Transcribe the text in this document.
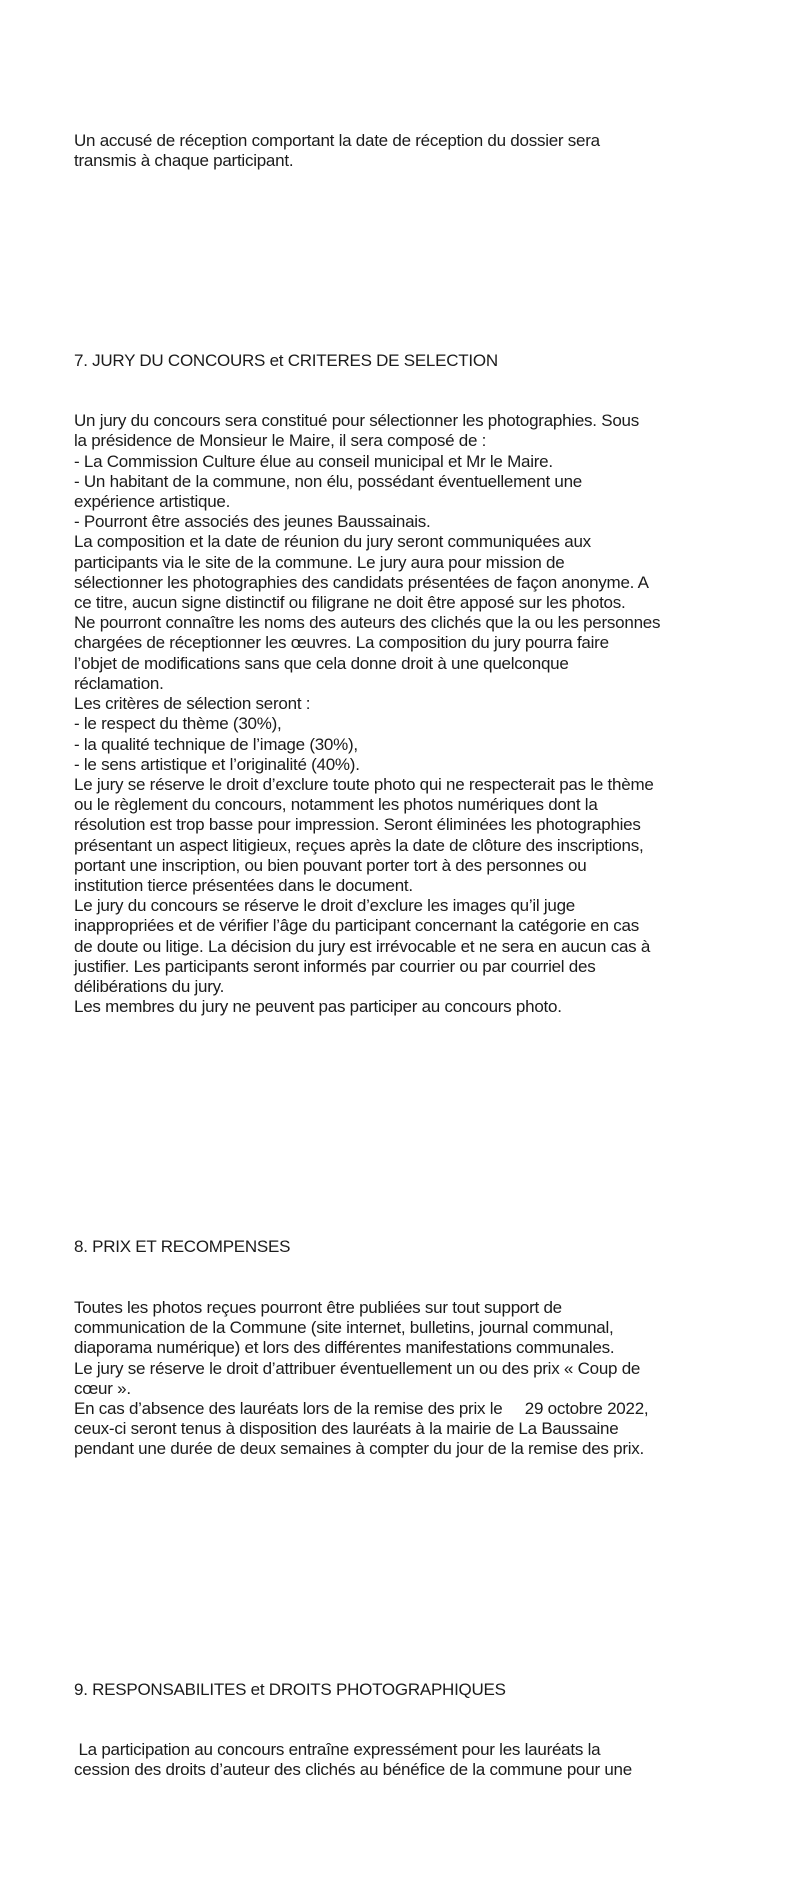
Un accusé de réception comportant la date de réception du dossier sera
transmis à chaque participant.

7. JURY DU CONCOURS et CRITERES DE SELECTION

Un jury du concours sera constitué pour sélectionner les photographies. Sous
la présidence de Monsieur le Maire, il sera composé de :
- La Commission Culture élue au conseil municipal et Mr le Maire.
- Un habitant de la commune, non élu, possédant éventuellement une
expérience artistique.
- Pourront être associés des jeunes Baussainais.
La composition et la date de réunion du jury seront communiquées aux
participants via le site de la commune. Le jury aura pour mission de
sélectionner les photographies des candidats présentées de façon anonyme. A
ce titre, aucun signe distinctif ou filigrane ne doit être apposé sur les photos.
Ne pourront connaître les noms des auteurs des clichés que la ou les personnes
chargées de réceptionner les œuvres. La composition du jury pourra faire
l’objet de modifications sans que cela donne droit à une quelconque
réclamation.
Les critères de sélection seront :
- le respect du thème (30%),
- la qualité technique de l’image (30%),
- le sens artistique et l’originalité (40%).
Le jury se réserve le droit d’exclure toute photo qui ne respecterait pas le thème
ou le règlement du concours, notamment les photos numériques dont la
résolution est trop basse pour impression. Seront éliminées les photographies
présentant un aspect litigieux, reçues après la date de clôture des inscriptions,
portant une inscription, ou bien pouvant porter tort à des personnes ou
institution tierce présentées dans le document.
Le jury du concours se réserve le droit d’exclure les images qu’il juge
inappropriées et de vérifier l’âge du participant concernant la catégorie en cas
de doute ou litige. La décision du jury est irrévocable et ne sera en aucun cas à
justifier. Les participants seront informés par courrier ou par courriel des
délibérations du jury.
Les membres du jury ne peuvent pas participer au concours photo.

8. PRIX ET RECOMPENSES

Toutes les photos reçues pourront être publiées sur tout support de
communication de la Commune (site internet, bulletins, journal communal,
diaporama numérique) et lors des différentes manifestations communales.
Le jury se réserve le droit d’attribuer éventuellement un ou des prix « Coup de
cœur ».
En cas d’absence des lauréats lors de la remise des prix le     29 octobre 2022,
ceux-ci seront tenus à disposition des lauréats à la mairie de La Baussaine
pendant une durée de deux semaines à compter du jour de la remise des prix.

9. RESPONSABILITES et DROITS PHOTOGRAPHIQUES

La participation au concours entraîne expressément pour les lauréats la
cession des droits d’auteur des clichés au bénéfice de la commune pour une
